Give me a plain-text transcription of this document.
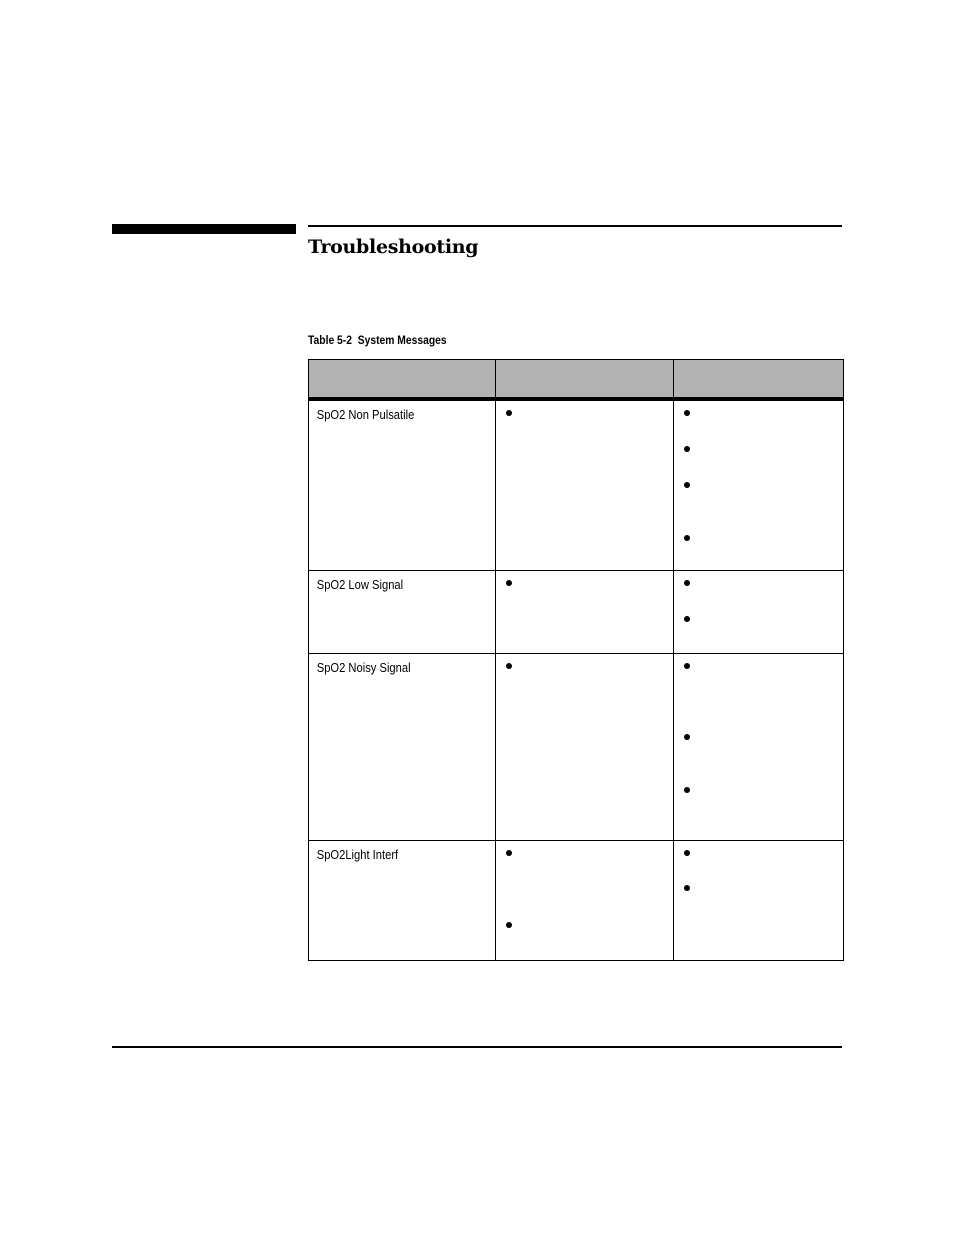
Troubleshooting
Table 5-2  System Messages

SpO2 Non Pulsatile		

SpO2 Low Signal		

SpO2 Noisy Signal		

SpO2Light Interf		
